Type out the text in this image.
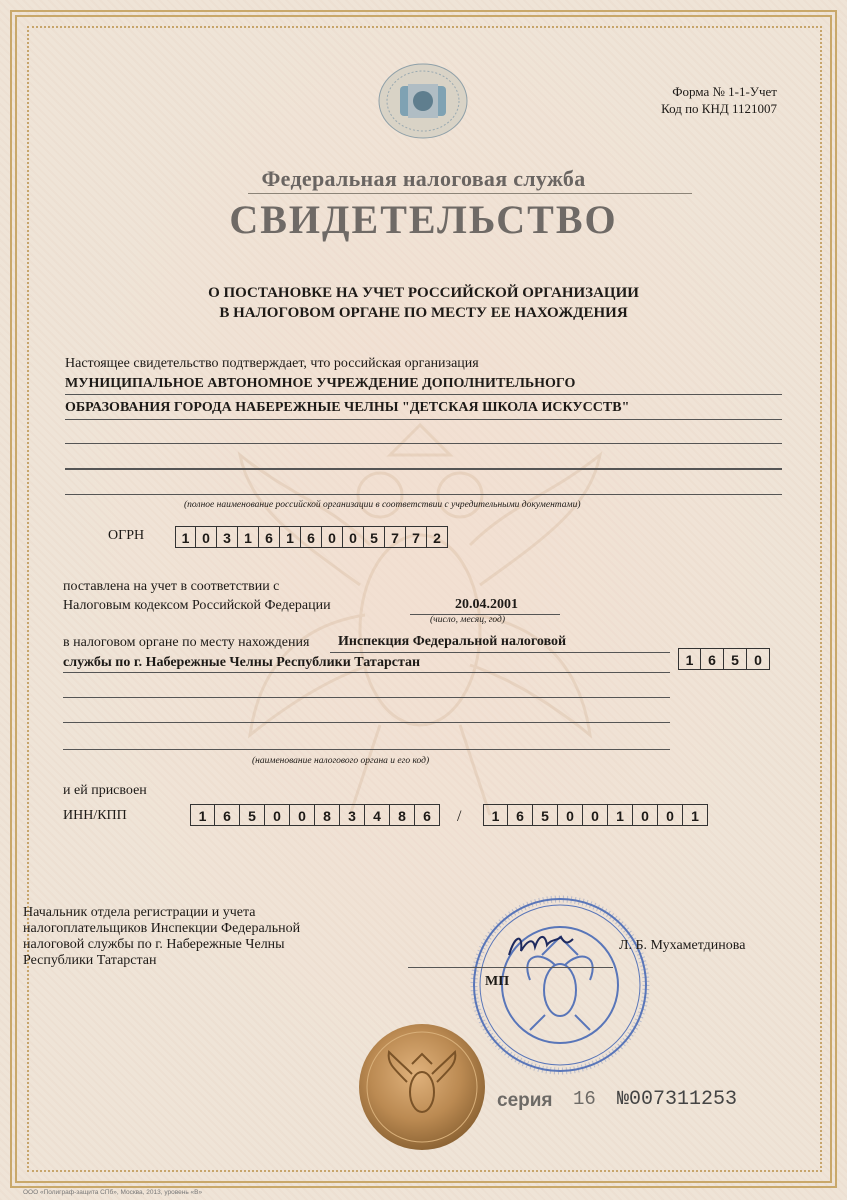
Форма № 1-1-Учет
Код по КНД 1121007
Федеральная налоговая служба
СВИДЕТЕЛЬСТВО
О ПОСТАНОВКЕ НА УЧЕТ РОССИЙСКОЙ ОРГАНИЗАЦИИ
В НАЛОГОВОМ ОРГАНЕ ПО МЕСТУ ЕЕ НАХОЖДЕНИЯ
Настоящее свидетельство подтверждает, что российская организация
МУНИЦИПАЛЬНОЕ АВТОНОМНОЕ УЧРЕЖДЕНИЕ ДОПОЛНИТЕЛЬНОГО
ОБРАЗОВАНИЯ ГОРОДА НАБЕРЕЖНЫЕ ЧЕЛНЫ "ДЕТСКАЯ ШКОЛА ИСКУССТВ"
(полное наименование российской организации в соответствии с учредительными документами)
ОГРН	1 0 3 1 6 1 6 0 0 5 7 7 2
поставлена на учет в соответствии с
Налоговым кодексом Российской Федерации	20.04.2001
(число, месяц, год)
в налоговом органе по месту нахождения Инспекция Федеральной налоговой
службы по г. Набережные Челны Республики Татарстан	1	6	5	0
(наименование налогового органа и его код)
и ей присвоен
ИНН/КПП	1	6	5	0	0	8	3	4	8	6	/	1	6	5	0	0	1	0	0	1
Начальник отдела регистрации и учета
налогоплательщиков Инспекции Федеральной
налоговой службы по г. Набережные Челны
Республики Татарстан
Л. Б. Мухаметдинова
МП
серия 16 №007311253
ООО «Полиграф-защита СПб», Москва, 2013, уровень «В»
